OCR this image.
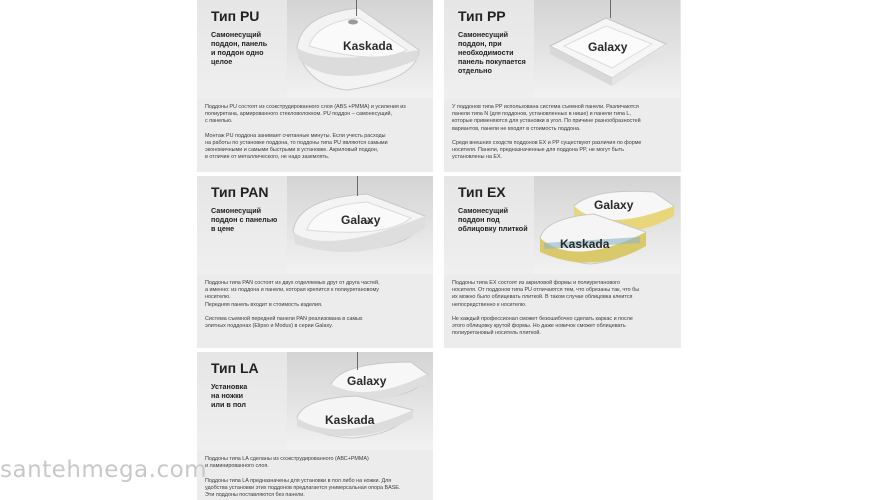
Тип PU
Самонесущий
поддон, панель
и поддон одно
целое
Kaskada
Поддоны PU состоят из соэкструдированного слоя (ABS +PMMA) и усиления из
полиуретана, армированного стекловолокном. PU поддон – самонесущий,
с панелью.

Монтаж PU поддона занимает считанные минуты. Если учесть расходы
на работы по установке поддона, то поддоны типа PU являются самыми
экономичными и самыми быстрыми в установке. Акриловый поддон,
в отличие от металлического, не надо заземлять.
Тип PP
Самонесущий
поддон, при
необходимости
панель покупается
отдельно
Galaxy
У поддонов типа PP использована система съемной панели. Различаются
панели типа N (для поддонов, установленных в нише) и панели типа L,
которые применяются для установки в угол. По причине разнообразностей
вариантов, панели не входят в стоимость поддона.

Среди внешних сходств поддонов EX и PP существуют различия по форме
носителя. Панели, предназначенные для поддона PP, не могут быть
установлены на EX.
Тип PAN
Самонесущий
поддон с панелью
в цене
Galaxy
Поддоны типа PAN состоят из двух отделяемых друг от друга частей,
а именно: из поддона и панели, которая крепится к полиуретановому
носителю.
Передняя панель входит в стоимость изделия.

Система съемной передней панели PAN реализована в самых
элитных поддонах (Elipso и Modus) в серии Galaxy.
Тип EX
Самонесущий
поддон под
облицовку плиткой
Galaxy
Kaskada
Поддоны типа EX состоят из акриловой формы и полиуретанового
носителя. От поддонов типа PU отличаются тем, что обрезаны так, что бы
их можно было облицевать плиткой. В таком случае облицовка клеится
непосредственно к носителю.

Не каждый профессионал сможет безошибочно сделать каркас и после
этого облицовку крутой формы. Но даже новичок сможет облицевать
полиуретановый носитель плиткой.
Тип LA
Установка
на ножки
или в пол
Galaxy
Kaskada
Поддоны типа LA сделаны из соэкструдированного (АВС+РММА)
и ламинированного слоя.

Поддоны типа LA предназначены для установки в пол либо на ножки. Для
удобства установки этих поддонов предлагается универсальная опора BASE.
Эти поддоны поставляются без панели.
santehmega.com
